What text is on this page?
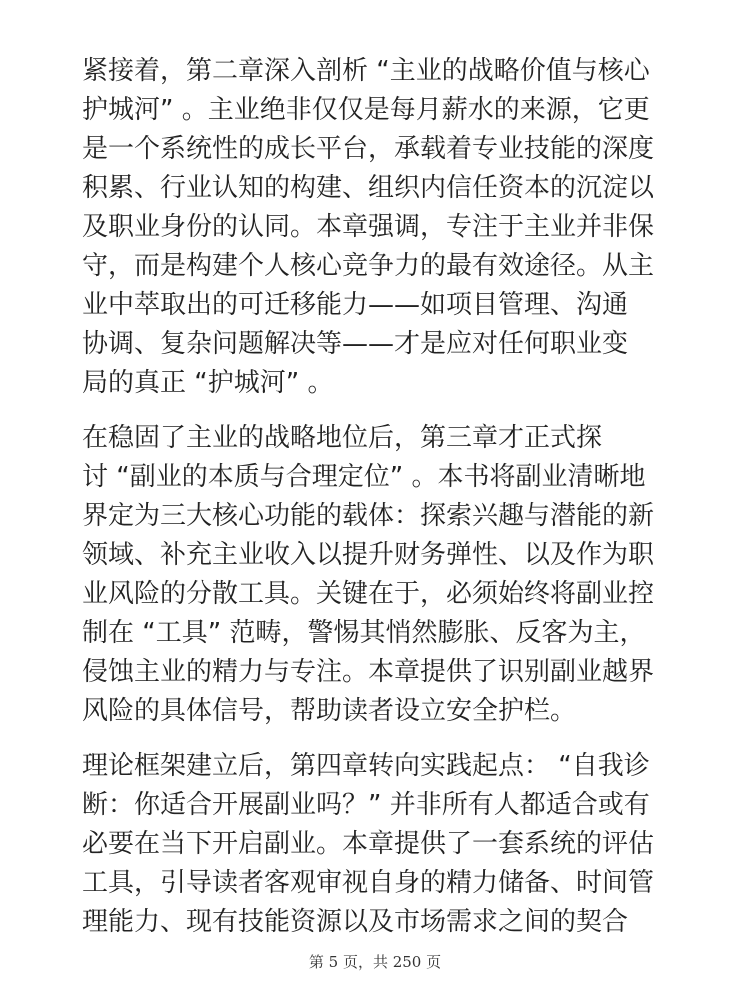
紧接着，第二章深入剖析 “主业的战略价值与核心
护城河” 。主业绝非仅仅是每月薪水的来源，它更
是一个系统性的成长平台，承载着专业技能的深度
积累、行业认知的构建、组织内信任资本的沉淀以
及职业身份的认同。本章强调，专注于主业并非保
守，而是构建个人核心竞争力的最有效途径。从主
业中萃取出的可迁移能力——如项目管理、沟通
协调、复杂问题解决等——才是应对任何职业变
局的真正 “护城河” 。
在稳固了主业的战略地位后，第三章才正式探
讨 “副业的本质与合理定位” 。本书将副业清晰地
界定为三大核心功能的载体：探索兴趣与潜能的新
领域、补充主业收入以提升财务弹性、以及作为职
业风险的分散工具。关键在于，必须始终将副业控
制在 “工具” 范畴，警惕其悄然膨胀、反客为主，
侵蚀主业的精力与专注。本章提供了识别副业越界
风险的具体信号，帮助读者设立安全护栏。
理论框架建立后，第四章转向实践起点： “自我诊
断：你适合开展副业吗？” 并非所有人都适合或有
必要在当下开启副业。本章提供了一套系统的评估
工具，引导读者客观审视自身的精力储备、时间管
理能力、现有技能资源以及市场需求之间的契合
第 5 页，共 250 页
